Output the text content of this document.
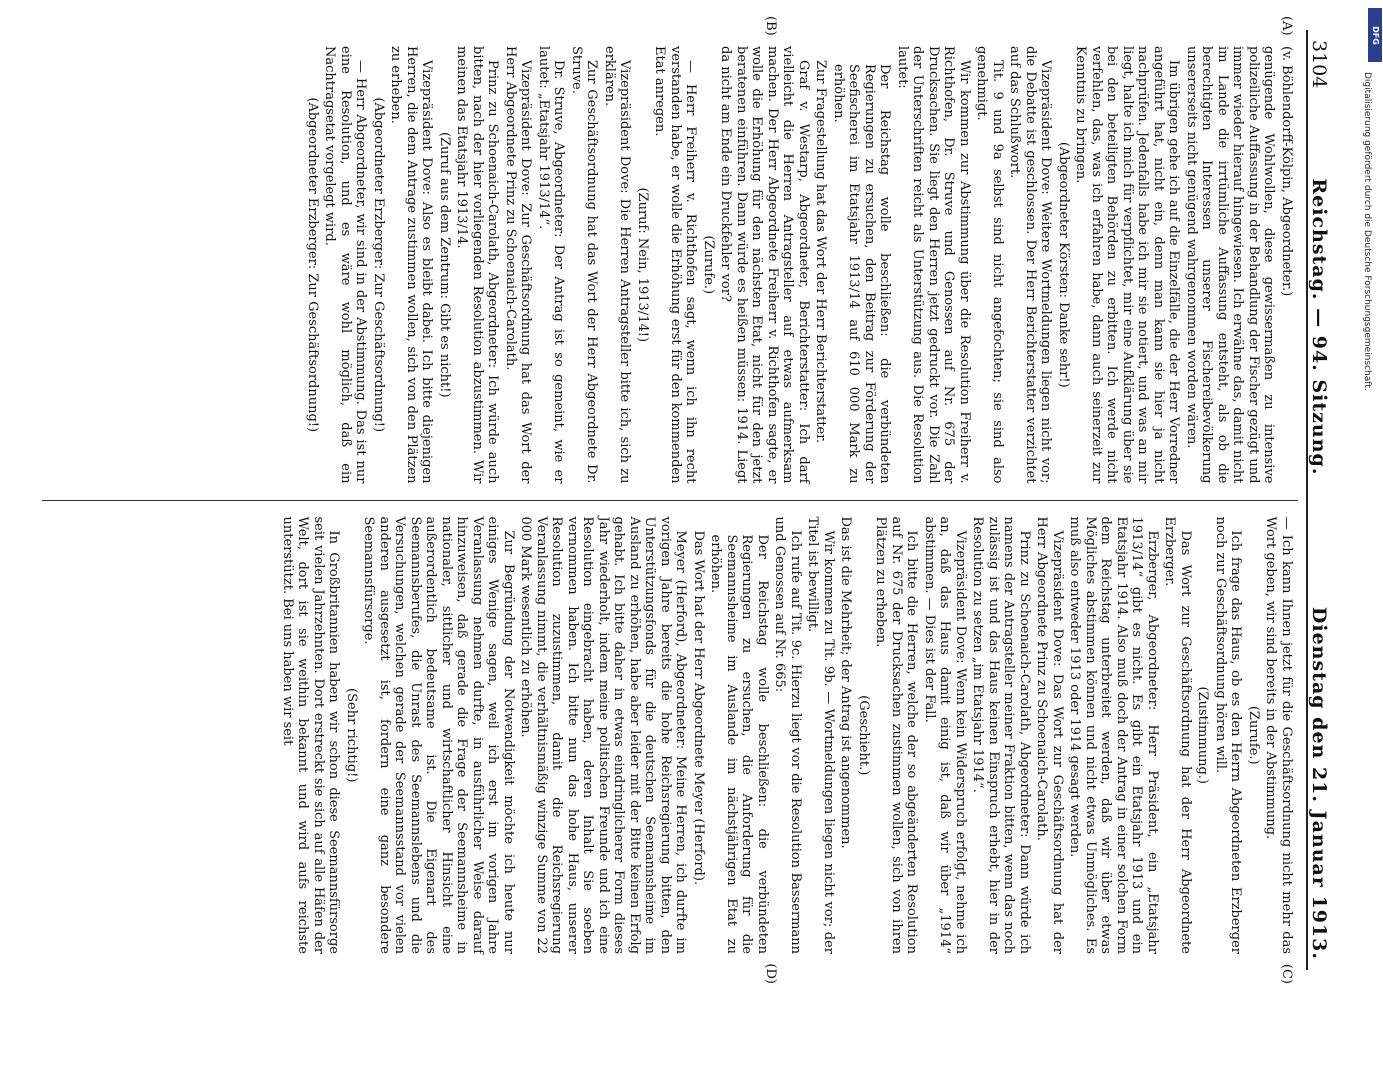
3104
Reichstag. — 94. Sitzung.
Dienstag den 21. Januar 1913.
(A)
(B)

(v. Böhlendorff-Kölpin, Abgeordneter.)

genügende Wohlwollen, diese gewissermaßen zu intensive polizeiliche Auffassung in der Behandlung der Fischer gezügt und immer wieder hierauf hingewiesen. Ich erwähne das, damit nicht im Lande die irrtümliche Auffassung entsteht, als ob die berechtigten Interessen unserer Fischereibevölkerung unsererseits nicht genügend wahrgenommen worden wären.

Im übrigen gehe ich auf die Einzelfälle, die der Herr Vorredner angeführt hat, nicht ein, denn man kann sie hier ja nicht nachprüfen. Jedenfalls habe ich mir sie notiert, und was an mir liegt, halte ich mich für verpflichtet, mir eine Aufklärung über sie bei den beteiligten Behörden zu erbitten. Ich werde nicht verfehlen, das, was ich erfahren habe, dann auch seinerzeit zur Kenntnis zu bringen.

(Abgeordneter Körsten: Danke sehr!)

Vizepräsident Dove: Weitere Wortmeldungen liegen nicht vor; die Debatte ist geschlossen. Der Herr Berichterstatter verzichtet auf das Schlußwort.

Tit. 9 und 9a selbst sind nicht angefochten; sie sind also genehmigt.

Wir kommen zur Abstimmung über die Resolution Freiherr v. Richthofen, Dr. Struve und Genossen auf Nr. 675 der Drucksachen. Sie liegt den Herren jetzt gedruckt vor. Die Zahl der Unterschriften reicht als Unterstützung aus. Die Resolution lautet:

Der Reichstag wolle beschließen: die verbündeten Regierungen zu ersuchen, den Beitrag zur Förderung der Seefischerei im Etatsjahr 1913/14 auf 610 000 Mark zu erhöhen.

Zur Fragestellung hat das Wort der Herr Berichterstatter.

Graf v. Westarp, Abgeordneter, Berichterstatter: Ich darf vielleicht die Herren Antragsteller auf etwas aufmerksam machen. Der Herr Abgeordnete Freiherr v. Richthofen sagte, er wolle die Erhöhung für den nächsten Etat, nicht für den jetzt beratenen einführen. Dann würde es heißen müssen: 1914. Liegt da nicht am Ende ein Druckfehler vor?

(Zurufe.)

— Herr Freiherr v. Richthofen sagt, wenn ich ihn recht verstanden habe, er wolle die Erhöhung erst für den kommenden Etat anregen.

(Zuruf: Nein, 1913/14!)

Vizepräsident Dove: Die Herren Antragsteller bitte ich, sich zu erklären.

Zur Geschäftsordnung hat das Wort der Herr Abgeordnete Dr. Struve.

Dr. Struve, Abgeordneter: Der Antrag ist so gemeint, wie er lautet: „Etatsjahr 1913/14“.

Vizepräsident Dove: Zur Geschäftsordnung hat das Wort der Herr Abgeordnete Prinz zu Schoenaich-Carolath.

Prinz zu Schoenaich-Carolath, Abgeordneter: Ich würde auch bitten, nach der hier vorliegenden Resolution abzustimmen. Wir meinen das Etatsjahr 1913/14.

(Zuruf aus dem Zentrum: Gibt es nicht!)

Vizepräsident Dove: Also es bleibt dabei. Ich bitte diejenigen Herren, die dem Antrage zustimmen wollen, sich von den Plätzen zu erheben.

(Abgeordneter Erzberger: Zur Geschäftsordnung!)

— Herr Abgeordneter, wir sind in der Abstimmung. Das ist nur eine Resolution, und es wäre wohl möglich, daß ein Nachtragsetat vorgelegt wird.

(Abgeordneter Erzberger: Zur Geschäftsordnung!)

(C)
(D)

— Ich kann Ihnen jetzt für die Geschäftsordnung nicht mehr das Wort geben, wir sind bereits in der Abstimmung.

(Zurufe.)

Ich frage das Haus, ob es den Herrn Abgeordneten Erzberger noch zur Geschäftsordnung hören will.

(Zustimmung.)

Das Wort zur Geschäftsordnung hat der Herr Abgeordnete Erzberger.

Erzberger, Abgeordneter: Herr Präsident, ein „Etatsjahr 1913/14“ gibt es nicht. Es gibt ein Etatsjahr 1913 und ein Etatsjahr 1914. Also muß doch der Antrag in einer solchen Form dem Reichstag unterbreitet werden, daß wir über etwas Mögliches abstimmen können und nicht etwas Unmögliches. Es muß also entweder 1913 oder 1914 gesagt werden.

Vizepräsident Dove: Das Wort zur Geschäftsordnung hat der Herr Abgeordnete Prinz zu Schoenaich-Carolath.

Prinz zu Schoenaich-Carolath, Abgeordneter: Dann würde ich namens der Antragsteller meiner Fraktion bitten, wenn das noch zulässig ist und das Haus keinen Einspruch erhebt, hier in der Resolution zu setzen „im Etatsjahr 1914“.

Vizepräsident Dove: Wenn kein Widerspruch erfolgt, nehme ich an, daß das Haus damit einig ist, daß wir über „1914“ abstimmen. — Dies ist der Fall.

Ich bitte die Herren, welche der so abgeänderten Resolution auf Nr. 675 der Drucksachen zustimmen wollen, sich von ihren Plätzen zu erheben.

(Geschieht.)

Das ist die Mehrheit; der Antrag ist angenommen.

Wir kommen zu Tit. 9b. — Wortmeldungen liegen nicht vor; der Titel ist bewilligt.

Ich rufe auf Tit. 9c. Hierzu liegt vor die Resolution Bassermann und Genossen auf Nr. 665:

Der Reichstag wolle beschließen: die verbündeten Regierungen zu ersuchen, die Anforderung für die Seemannsheime im Auslande im nächstjährigen Etat zu erhöhen.

Das Wort hat der Herr Abgeordnete Meyer (Herford).

Meyer (Herford), Abgeordneter: Meine Herren, ich durfte im vorigen Jahre bereits die hohe Reichsregierung bitten, den Unterstützungsfonds für die deutschen Seemannsheime im Ausland zu erhöhen, habe aber leider mit der Bitte keinen Erfolg gehabt. Ich bitte daher in etwas eindringlicherer Form dieses Jahr wiederholt, indem meine politischen Freunde und ich eine Resolution eingebracht haben, deren Inhalt Sie soeben vernommen haben. Ich bitte nun das hohe Haus, unserer Resolution zuzustimmen, damit die Reichsregierung Veranlassung nimmt, die verhältnismäßig winzige Summe von 22 000 Mark wesentlich zu erhöhen.

Zur Begründung der Notwendigkeit möchte ich heute nur einiges Wenige sagen, weil ich erst im vorigen Jahre Veranlassung nehmen durfte, in ausführlicher Weise darauf hinzuweisen, daß gerade die Frage der Seemannsheime in nationaler, sittlicher und wirtschaftlicher Hinsicht eine außerordentlich bedeutsame ist. Die Eigenart des Seemannsberufes, die Unrast des Seemannslebens und die Versuchungen, welchen gerade der Seemannsstand vor vielen anderen ausgesetzt ist, fordern eine ganz besondere Seemannsfürsorge.

(Sehr richtig!)

In Großbritannien haben wir schon diese Seemannsfürsorge seit vielen Jahrzehnten. Dort erstreckt sie sich auf alle Häfen der Welt, dort ist sie weithin bekannt und wird aufs reichste unterstützt. Bei uns haben wir seit

DFG
Digitalisierung gefördert durch die Deutsche Forschungsgemeinschaft.
